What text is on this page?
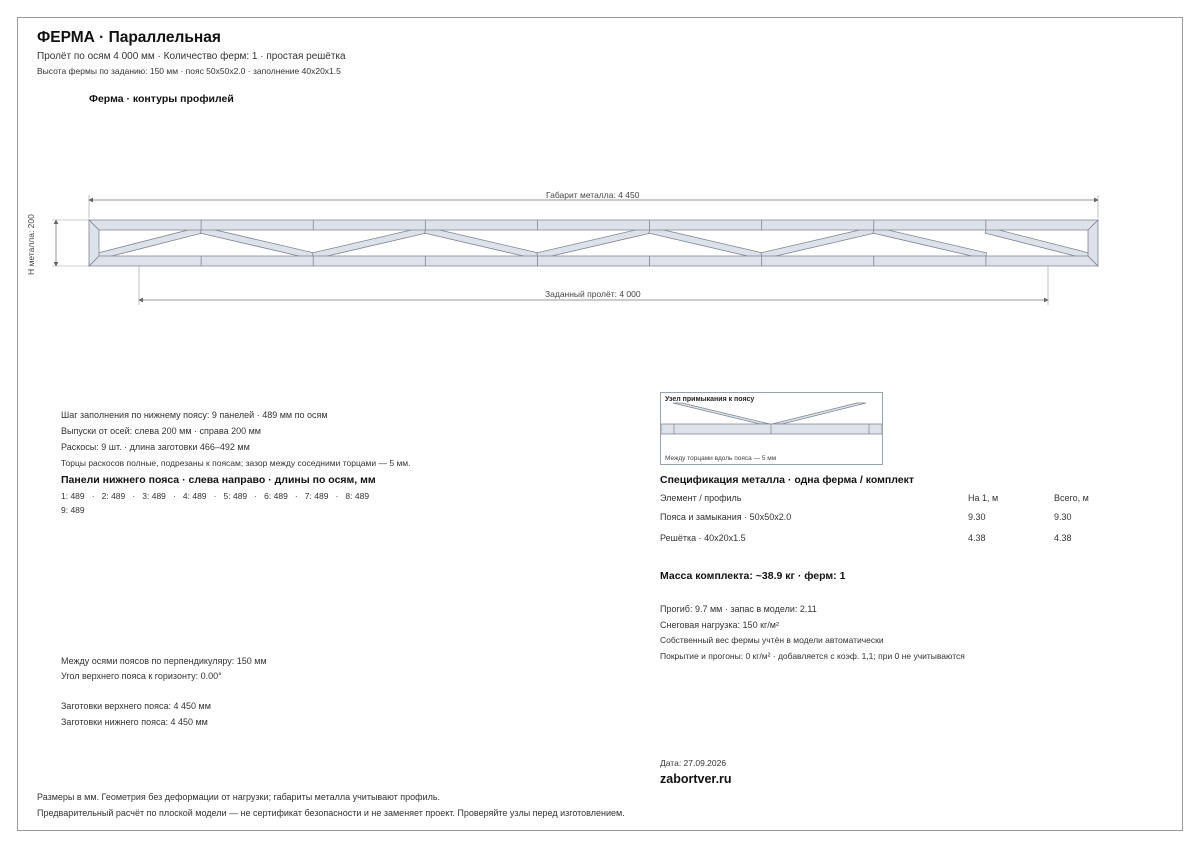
ФЕРМА · Параллельная
Пролёт по осям 4 000 мм · Количество ферм: 1 · простая решётка
Высота фермы по заданию: 150 мм · пояс 50x50x2.0 · заполнение 40x20x1.5
Ферма · контуры профилей
Габарит металла: 4 450
Заданный пролёт: 4 000
Н металла: 200
Узел примыкания к поясу
Между торцами вдоль пояса — 5 мм
Шаг заполнения по нижнему поясу: 9 панелей · 489 мм по осям
Выпуски от осей: слева 200 мм · справа 200 мм
Раскосы: 9 шт. · длина заготовки 466–492 мм
Торцы раскосов полные, подрезаны к поясам; зазор между соседними торцами — 5 мм.
Панели нижнего пояса · слева направо · длины по осям, мм
1: 489   ·   2: 489   ·   3: 489   ·   4: 489   ·   5: 489   ·   6: 489   ·   7: 489   ·   8: 489
9: 489
Между осями поясов по перпендикуляру: 150 мм
Угол верхнего пояса к горизонту: 0.00°
Заготовки верхнего пояса: 4 450 мм
Заготовки нижнего пояса: 4 450 мм
Спецификация металла · одна ферма / комплект
Элемент / профиль	На 1, м	Всего, м
Пояса и замыкания · 50x50x2.0	9.30	9.30
Решётка · 40x20x1.5	4.38	4.38
Масса комплекта: ~38.9 кг · ферм: 1
Прогиб: 9.7 мм · запас в модели: 2.11
Снеговая нагрузка: 150 кг/м²
Собственный вес фермы учтён в модели автоматически
Покрытие и прогоны: 0 кг/м² · добавляется с коэф. 1,1; при 0 не учитываются
Дата: 27.09.2026
zabortver.ru
Размеры в мм. Геометрия без деформации от нагрузки; габариты металла учитывают профиль.
Предварительный расчёт по плоской модели — не сертификат безопасности и не заменяет проект. Проверяйте узлы перед изготовлением.
